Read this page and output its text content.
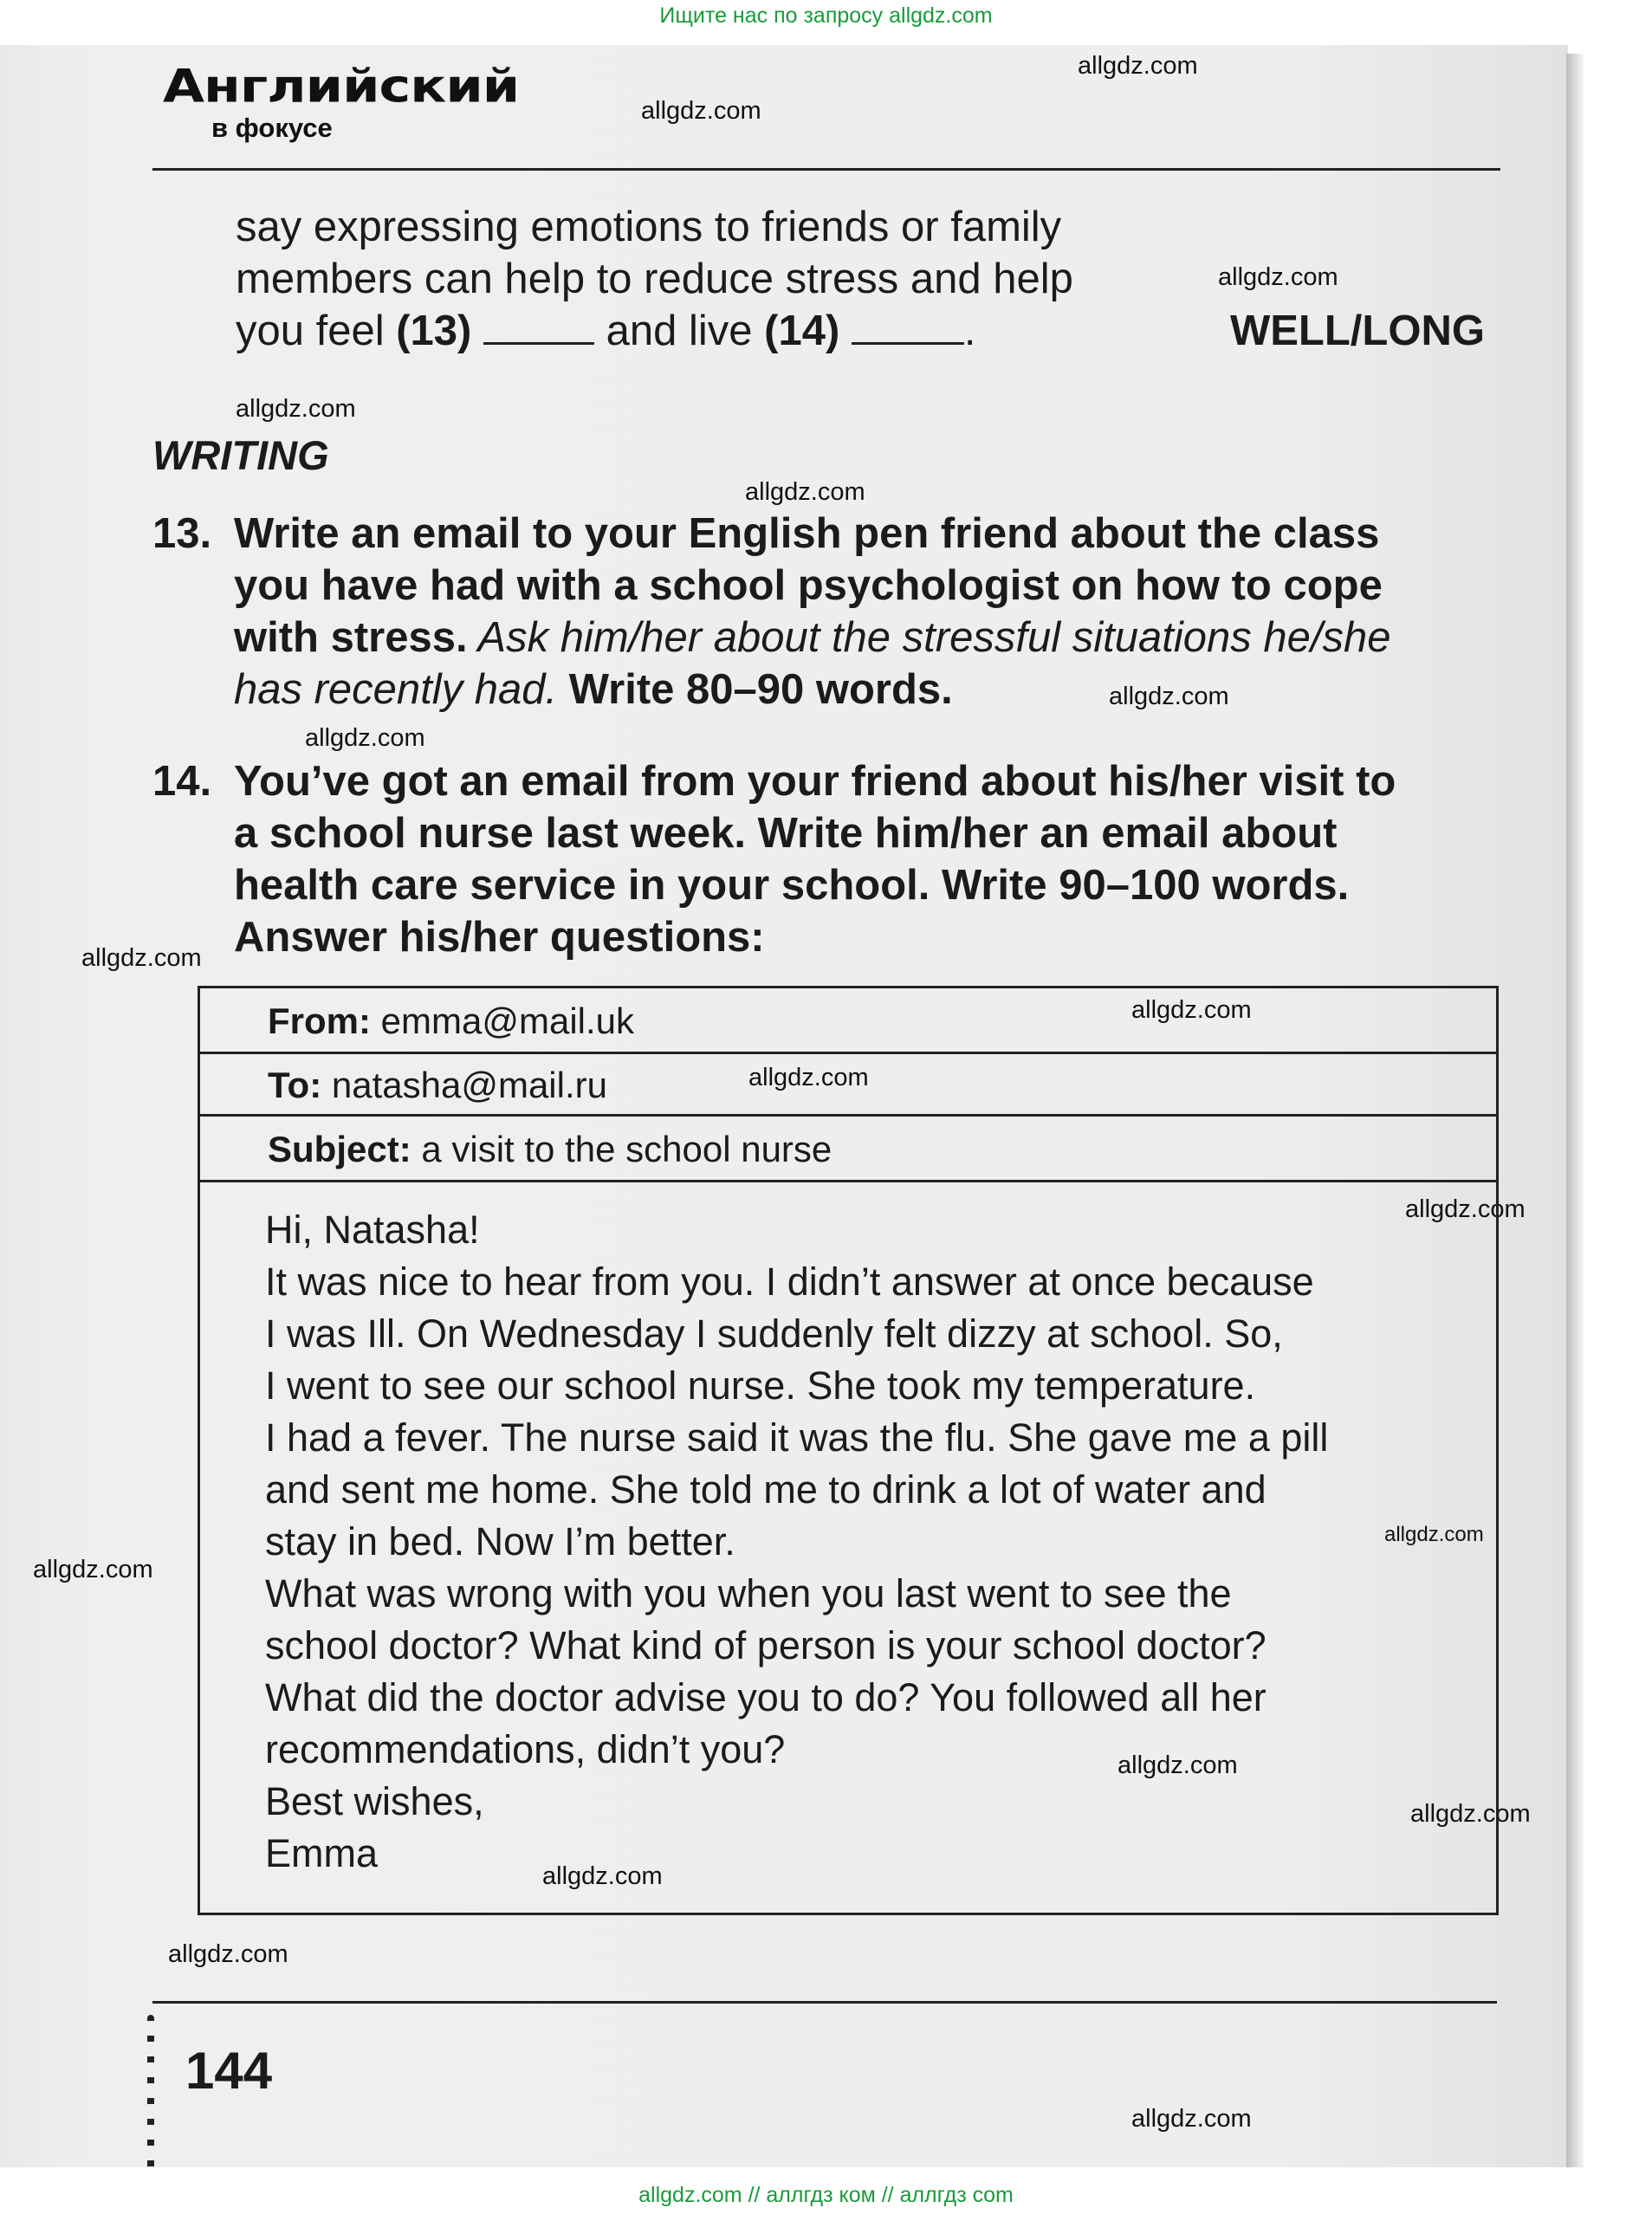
Ищите нас по запросу allgdz.com
allgdz.com
allgdz.com
allgdz.com
allgdz.com
allgdz.com
allgdz.com
allgdz.com
allgdz.com
allgdz.com
allgdz.com
allgdz.com
allgdz.com
allgdz.com
allgdz.com
allgdz.com
allgdz.com
allgdz.com
allgdz.com
Английский
в фокусе
say expressing emotions to friends or family
members can help to reduce stress and help
you feel (13)	and live (14)	.	WELL/LONG
WRITING
13. Write an email to your English pen friend about the class
you have had with a school psychologist on how to cope
with stress. Ask him/her about the stressful situations he/she
has recently had. Write 80–90 words.
14. You’ve got an email from your friend about his/her visit to
a school nurse last week. Write him/her an email about
health care service in your school. Write 90–100 words.
Answer his/her questions:
From: emma@mail.uk
To: natasha@mail.ru
Subject: a visit to the school nurse
Hi, Natasha!
It was nice to hear from you. I didn’t answer at once because
I was Ill. On Wednesday I suddenly felt dizzy at school. So,
I went to see our school nurse. She took my temperature.
I had a fever. The nurse said it was the flu. She gave me a pill
and sent me home. She told me to drink a lot of water and
stay in bed. Now I’m better.
What was wrong with you when you last went to see the
school doctor? What kind of person is your school doctor?
What did the doctor advise you to do? You followed all her
recommendations, didn’t you?
Best wishes,
Emma
144
allgdz.com // аллгдз ком // аллгдз com
